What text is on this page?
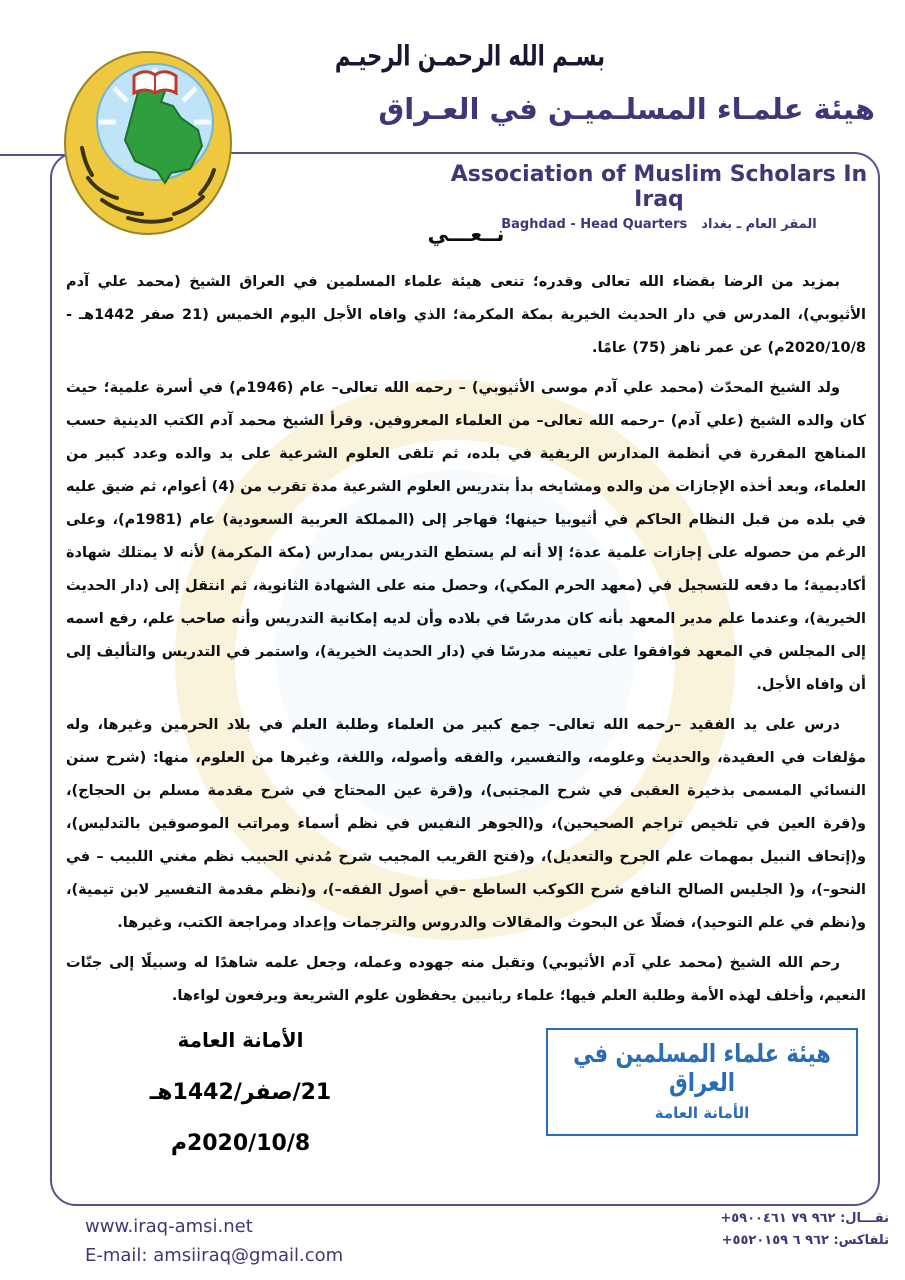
بسـم الله الرحمـن الرحيـم
هيئة علمـاء المسلـميـن في العـراق
Association of Muslim Scholars In Iraq
المقر العام ـ بغدادBaghdad - Head Quarters
نــعـــي

بمزيد من الرضا بقضاء الله تعالى وقدره؛ تنعى هيئة علماء المسلمين في العراق الشيخ (محمد علي آدم الأثيوبي)، المدرس في دار الحديث الخيرية بمكة المكرمة؛ الذي وافاه الأجل اليوم الخميس (21 صفر 1442هـ - 2020/10/8م) عن عمر ناهز (75) عامًا.

ولد الشيخ المحدّث (محمد علي آدم موسى الأثيوبي) – رحمه الله تعالى– عام (1946م) في أسرة علمية؛ حيث كان والده الشيخ (علي آدم) –رحمه الله تعالى– من العلماء المعروفين. وقرأ الشيخ محمد آدم الكتب الدينية حسب المناهج المقررة في أنظمة المدارس الريفية في بلده، ثم تلقى العلوم الشرعية على يد والده وعدد كبير من العلماء، وبعد أخذه الإجازات من والده ومشايخه بدأ بتدريس العلوم الشرعية مدة تقرب من (4) أعوام، ثم ضيق عليه في بلده من قبل النظام الحاكم في أثيوبيا حينها؛ فهاجر إلى (المملكة العربية السعودية) عام (1981م)، وعلى الرغم من حصوله على إجازات علمية عدة؛ إلا أنه لم يستطع التدريس بمدارس (مكة المكرمة) لأنه لا يمتلك شهادة أكاديمية؛ ما دفعه للتسجيل في (معهد الحرم المكي)، وحصل منه على الشهادة الثانوية، ثم انتقل إلى (دار الحديث الخيرية)، وعندما علم مدير المعهد بأنه كان مدرسًا في بلاده وأن لديه إمكانية التدريس وأنه صاحب علم، رفع اسمه إلى المجلس في المعهد فوافقوا على تعيينه مدرسًا في (دار الحديث الخيرية)، واستمر في التدريس والتأليف إلى أن وافاه الأجل.

درس على يد الفقيد –رحمه الله تعالى– جمع كبير من العلماء وطلبة العلم في بلاد الحرمين وغيرها، وله مؤلفات في العقيدة، والحديث وعلومه، والتفسير، والفقه وأصوله، واللغة، وغيرها من العلوم، منها: (شرح سنن النسائي المسمى بذخيرة العقبى في شرح المجتبى)، و(قرة عين المحتاج في شرح مقدمة مسلم بن الحجاج)، و(قرة العين في تلخيص تراجم الصحيحين)، و(الجوهر النفيس في نظم أسماء ومراتب الموصوفين بالتدليس)، و(إتحاف النبيل بمهمات علم الجرح والتعديل)، و(فتح القريب المجيب شرح مُدني الحبيب نظم مغني اللبيب – في النحو–)، و( الجليس الصالح النافع شرح الكوكب الساطع –في أصول الفقه–)، و(نظم مقدمة التفسير لابن تيمية)، و(نظم في علم التوحيد)، فضلًا عن البحوث والمقالات والدروس والترجمات وإعداد ومراجعة الكتب، وغيرها.

رحم الله الشيخ (محمد علي آدم الأثيوبي) وتقبل منه جهوده وعمله، وجعل علمه شاهدًا له وسبيلًا إلى جنّات النعيم، وأخلف لهذه الأمة وطلبة العلم فيها؛ علماء ربانيين يحفظون علوم الشريعة ويرفعون لواءها.

الأمانة العامة
21/صفر/1442هـ
2020/10/8م
هيئة علماء المسلمين في العراق
الأمانة العامة
www.iraq-amsi.net
E-mail: amsiiraq@gmail.com
نقـــال: +٩٦٢ ٧٩ ٥٩٠٠٤٦١
تلفاكس: +٩٦٢ ٦ ٥٥٢٠١٥٩
